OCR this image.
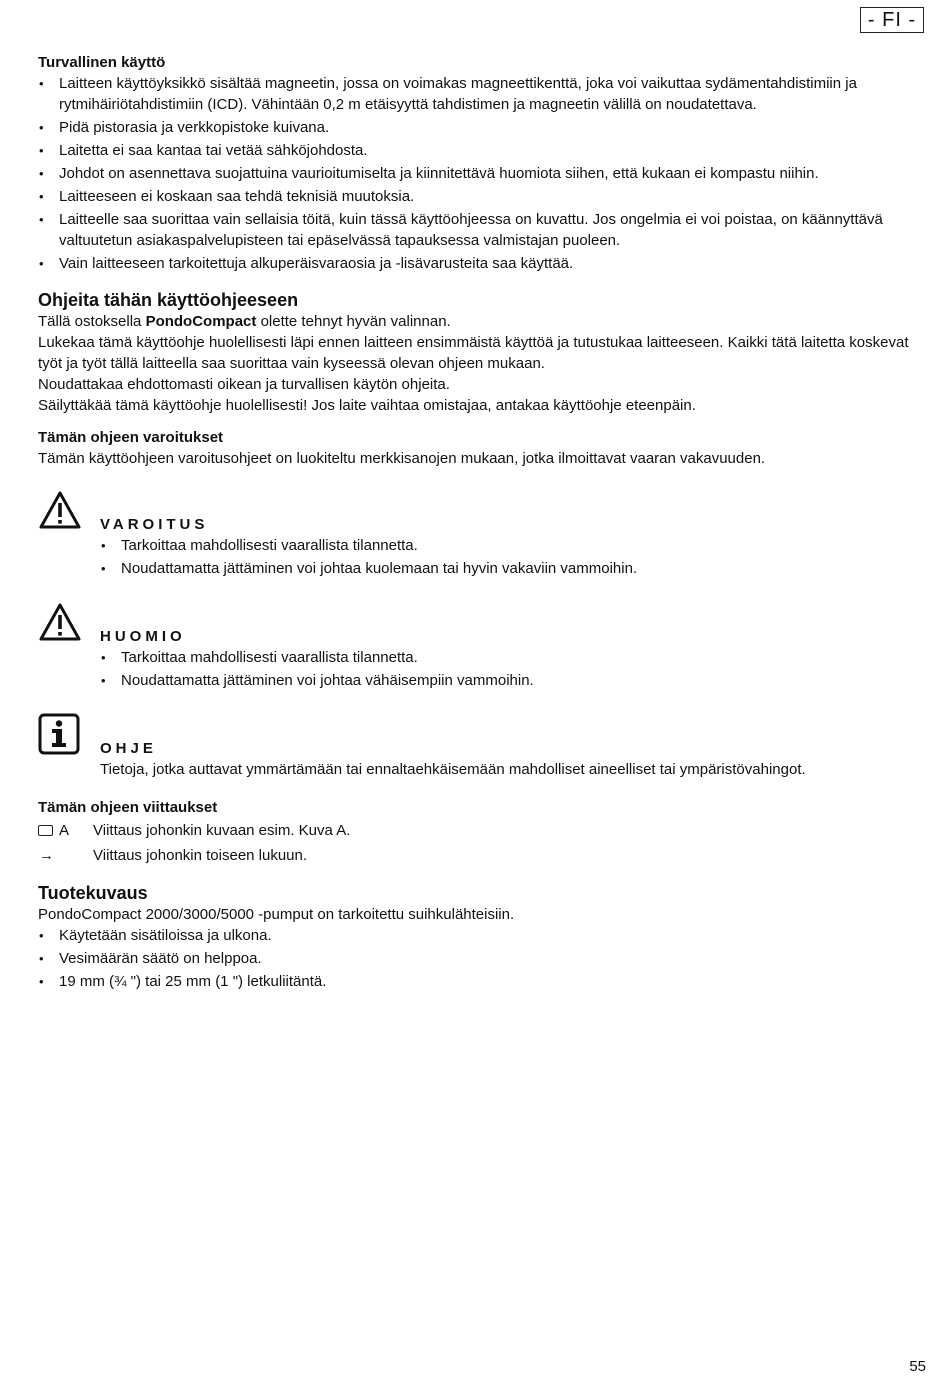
- FI -
Turvallinen käyttö
• Laitteen käyttöyksikkö sisältää magneetin, jossa on voimakas magneettikenttä, joka voi vaikuttaa sydämentahdistimiin ja rytmihäiriötahdistimiin (ICD). Vähintään 0,2 m etäisyyttä tahdistimen ja magneetin välillä on noudatettava.
• Pidä pistorasia ja verkkopistoke kuivana.
• Laitetta ei saa kantaa tai vetää sähköjohdosta.
• Johdot on asennettava suojattuina vaurioitumiselta ja kiinnitettävä huomiota siihen, että kukaan ei kompastu niihin.
• Laitteeseen ei koskaan saa tehdä teknisiä muutoksia.
• Laitteelle saa suorittaa vain sellaisia töitä, kuin tässä käyttöohjeessa on kuvattu. Jos ongelmia ei voi poistaa, on käännyttävä valtuutetun asiakaspalvelupisteen tai epäselvässä tapauksessa valmistajan puoleen.
• Vain laitteeseen tarkoitettuja alkuperäisvaraosia ja -lisävarusteita saa käyttää.
Ohjeita tähän käyttöohjeeseen

Tällä ostoksella PondoCompact olette tehnyt hyvän valinnan.

Lukekaa tämä käyttöohje huolellisesti läpi ennen laitteen ensimmäistä käyttöä ja tutustukaa laitteeseen. Kaikki tätä laitetta koskevat työt ja työt tällä laitteella saa suorittaa vain kyseessä olevan ohjeen mukaan.

Noudattakaa ehdottomasti oikean ja turvallisen käytön ohjeita.

Säilyttäkää tämä käyttöohje huolellisesti! Jos laite vaihtaa omistajaa, antakaa käyttöohje eteenpäin.

Tämän ohjeen varoitukset

Tämän käyttöohjeen varoitusohjeet on luokiteltu merkkisanojen mukaan, jotka ilmoittavat vaaran vakavuuden.

VAROITUS
• Tarkoittaa mahdollisesti vaarallista tilannetta.
• Noudattamatta jättäminen voi johtaa kuolemaan tai hyvin vakaviin vammoihin.
HUOMIO
• Tarkoittaa mahdollisesti vaarallista tilannetta.
• Noudattamatta jättäminen voi johtaa vähäisempiin vammoihin.
OHJE

Tietoja, jotka auttavat ymmärtämään tai ennaltaehkäisemään mahdolliset aineelliset tai ympäristövahingot.

Tämän ohjeen viittaukset
A Viittaus johonkin kuvaan esim. Kuva A.
→	Viittaus johonkin toiseen lukuun.
Tuotekuvaus

PondoCompact 2000/3000/5000 -pumput on tarkoitettu suihkulähteisiin.

• Käytetään sisätiloissa ja ulkona.
• Vesimäärän säätö on helppoa.
• 19 mm (¾ ") tai 25 mm (1 ") letkuliitäntä.
55
